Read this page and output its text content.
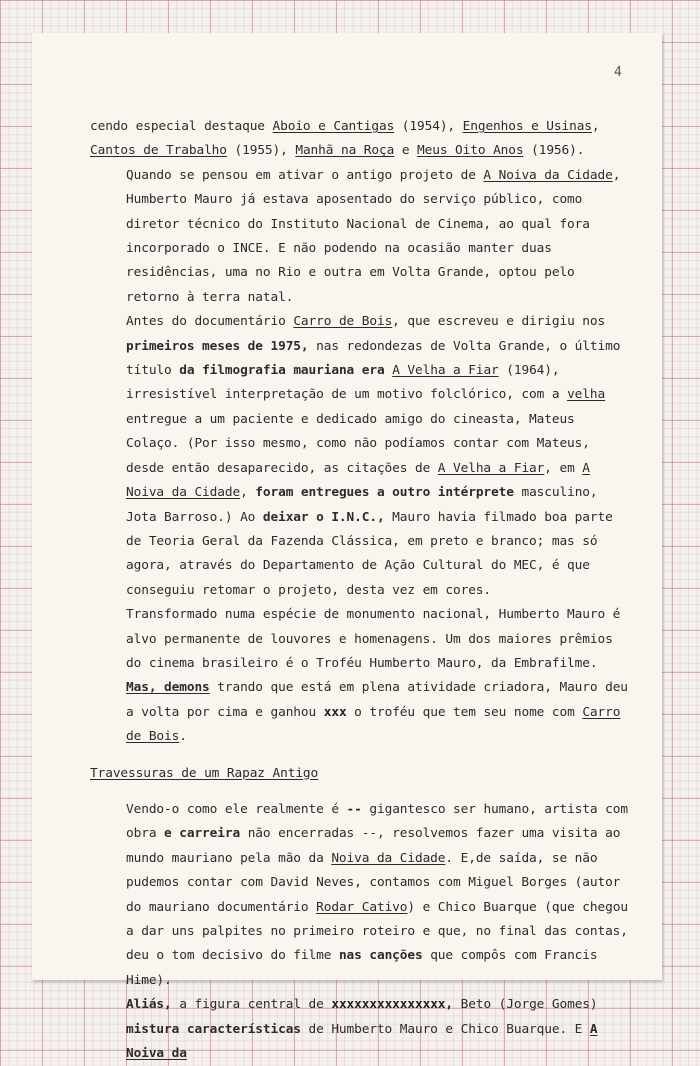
4

cendo especial destaque Aboio e Cantigas (1954), Engenhos e Usinas, Cantos de Trabalho (1955), Manhã na Roça e Meus Oito Anos (1956).

Quando se pensou em ativar o antigo projeto de A Noiva da Cidade, Humberto Mauro já estava aposentado do serviço público, como diretor técnico do Instituto Nacional de Cinema, ao qual fora incorporado o INCE. E não podendo na ocasião manter duas residências, uma no Rio e outra em Volta Grande, optou pelo retorno à terra natal.

Antes do documentário Carro de Bois, que escreveu e dirigiu nos primeiros meses de 1975, nas redondezas de Volta Grande, o último título da filmografia mauriana era A Velha a Fiar (1964), irresistível interpretação de um motivo folclórico, com a velha entregue a um paciente e dedicado amigo do cineasta, Mateus Colaço. (Por isso mesmo, como não podíamos contar com Mateus, desde então desaparecido, as citações de A Velha a Fiar, em A Noiva da Cidade, foram entregues a outro intérprete masculino, Jota Barroso.) Ao deixar o I.N.C., Mauro havia filmado boa parte de Teoria Geral da Fazenda Clássica, em preto e branco; mas só agora, através do Departamento de Ação Cultural do MEC, é que conseguiu retomar o projeto, desta vez em cores.

Transformado numa espécie de monumento nacional, Humberto Mauro é alvo permanente de louvores e homenagens. Um dos maiores prêmios do cinema brasileiro é o Troféu Humberto Mauro, da Embrafilme. Mas, demons trando que está em plena atividade criadora, Mauro deu a volta por cima e ganhou xxx o troféu que tem seu nome com Carro de Bois.

Travessuras de um Rapaz Antigo

Vendo-o como ele realmente é -- gigantesco ser humano, artista com obra e carreira não encerradas --, resolvemos fazer uma visita ao mundo mauriano pela mão da Noiva da Cidade. E,de saída, se não pudemos contar com David Neves, contamos com Miguel Borges (autor do mauriano documentário Rodar Cativo) e Chico Buarque (que chegou a dar uns palpites no primeiro roteiro e que, no final das contas, deu o tom decisivo do filme nas canções que compôs com Francis Hime).

Aliás, a figura central de xxxxxxxxxxxxxxx, Beto (Jorge Gomes) mistura características de Humberto Mauro e Chico Buarque. E A Noiva da
